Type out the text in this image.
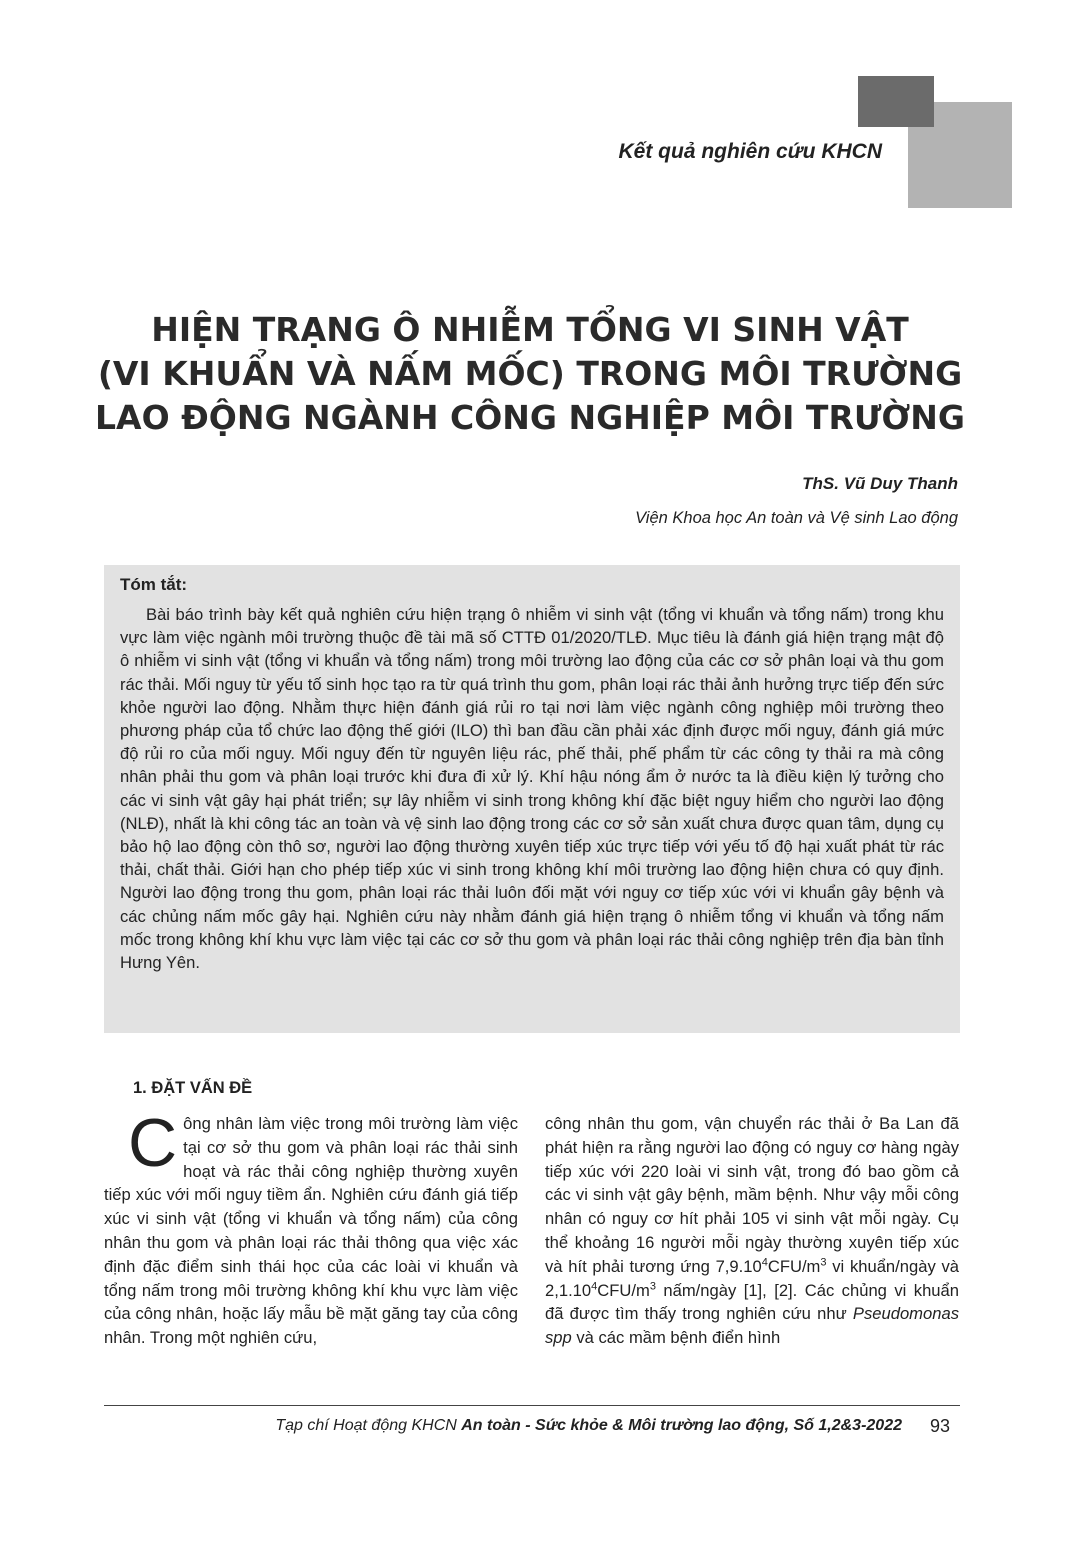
Kết quả nghiên cứu KHCN
HIỆN TRẠNG Ô NHIỄM TỔNG VI SINH VẬT
(VI KHUẨN VÀ NẤM MỐC) TRONG MÔI TRƯỜNG
LAO ĐỘNG NGÀNH CÔNG NGHIỆP MÔI TRƯỜNG
ThS. Vũ Duy Thanh
Viện Khoa học An toàn và Vệ sinh Lao động

Tóm tắt:

Bài báo trình bày kết quả nghiên cứu hiện trạng ô nhiễm vi sinh vật (tổng vi khuẩn và tổng nấm) trong khu vực làm việc ngành môi trường thuộc đề tài mã số CTTĐ 01/2020/TLĐ. Mục tiêu là đánh giá hiện trạng mật độ ô nhiễm vi sinh vật (tổng vi khuẩn và tổng nấm) trong môi trường lao động của các cơ sở phân loại và thu gom rác thải. Mối nguy từ yếu tố sinh học tạo ra từ quá trình thu gom, phân loại rác thải ảnh hưởng trực tiếp đến sức khỏe người lao động. Nhằm thực hiện đánh giá rủi ro tại nơi làm việc ngành công nghiệp môi trường theo phương pháp của tổ chức lao động thế giới (ILO) thì ban đầu cần phải xác định được mối nguy, đánh giá mức độ rủi ro của mối nguy. Mối nguy đến từ nguyên liệu rác, phế thải, phế phẩm từ các công ty thải ra mà công nhân phải thu gom và phân loại trước khi đưa đi xử lý. Khí hậu nóng ẩm ở nước ta là điều kiện lý tưởng cho các vi sinh vật gây hại phát triển; sự lây nhiễm vi sinh trong không khí đặc biệt nguy hiểm cho người lao động (NLĐ), nhất là khi công tác an toàn và vệ sinh lao động trong các cơ sở sản xuất chưa được quan tâm, dụng cụ bảo hộ lao động còn thô sơ, người lao động thường xuyên tiếp xúc trực tiếp với yếu tố độ hại xuất phát từ rác thải, chất thải. Giới hạn cho phép tiếp xúc vi sinh trong không khí môi trường lao động hiện chưa có quy định. Người lao động trong thu gom, phân loại rác thải luôn đối mặt với nguy cơ tiếp xúc với vi khuẩn gây bệnh và các chủng nấm mốc gây hại. Nghiên cứu này nhằm đánh giá hiện trạng ô nhiễm tổng vi khuẩn và tổng nấm mốc trong không khí khu vực làm việc tại các cơ sở thu gom và phân loại rác thải công nghiệp trên địa bàn tỉnh Hưng Yên.

1. ĐẶT VẤN ĐỀ

Công nhân làm việc trong môi trường làm việc tại cơ sở thu gom và phân loại rác thải sinh hoạt và rác thải công nghiệp thường xuyên tiếp xúc với mối nguy tiềm ẩn. Nghiên cứu đánh giá tiếp xúc vi sinh vật (tổng vi khuẩn và tổng nấm) của công nhân thu gom và phân loại rác thải thông qua việc xác định đặc điểm sinh thái học của các loài vi khuẩn và tổng nấm trong môi trường không khí khu vực làm việc của công nhân, hoặc lấy mẫu bề mặt găng tay của công nhân. Trong một nghiên cứu,

công nhân thu gom, vận chuyển rác thải ở Ba Lan đã phát hiện ra rằng người lao động có nguy cơ hàng ngày tiếp xúc với 220 loài vi sinh vật, trong đó bao gồm cả các vi sinh vật gây bệnh, mầm bệnh. Như vậy mỗi công nhân có nguy cơ hít phải 105 vi sinh vật mỗi ngày. Cụ thể khoảng 16 người mỗi ngày thường xuyên tiếp xúc và hít phải tương ứng $7,9.10^4CFU/m^3$ vi khuẩn/ngày và $2,1.10^4CFU/m^3$ nấm/ngày [1], [2]. Các chủng vi khuẩn đã được tìm thấy trong nghiên cứu như Pseudomonas spp và các mầm bệnh điển hình

Tạp chí Hoạt động KHCN An toàn - Sức khỏe & Môi trường lao động, Số 1,2&3-2022 93
